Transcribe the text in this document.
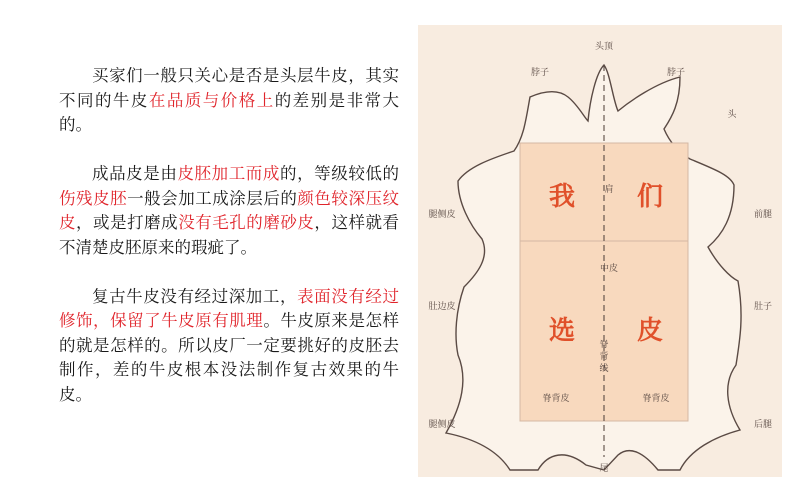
买家们一般只关心是否是头层牛皮，其实不同的牛皮在品质与价格上的差别是非常大的。

成品皮是由皮胚加工而成的，等级较低的伤残皮胚一般会加工成涂层后的颜色较深压纹皮，或是打磨成没有毛孔的磨砂皮，这样就看不清楚皮胚原来的瑕疵了。

复古牛皮没有经过深加工，表面没有经过修饰，保留了牛皮原有肌理。牛皮原来是怎样的就是怎样的。所以皮厂一定要挑好的皮胚去制作，差的牛皮根本没法制作复古效果的牛皮。

头顶
脖子	脖子
头
肩
中皮
脊
背
线
脊背皮	脊背皮
腿侧皮	前腿
肚边皮	肚子
腿侧皮	后腿
尾
我 们
选 皮
